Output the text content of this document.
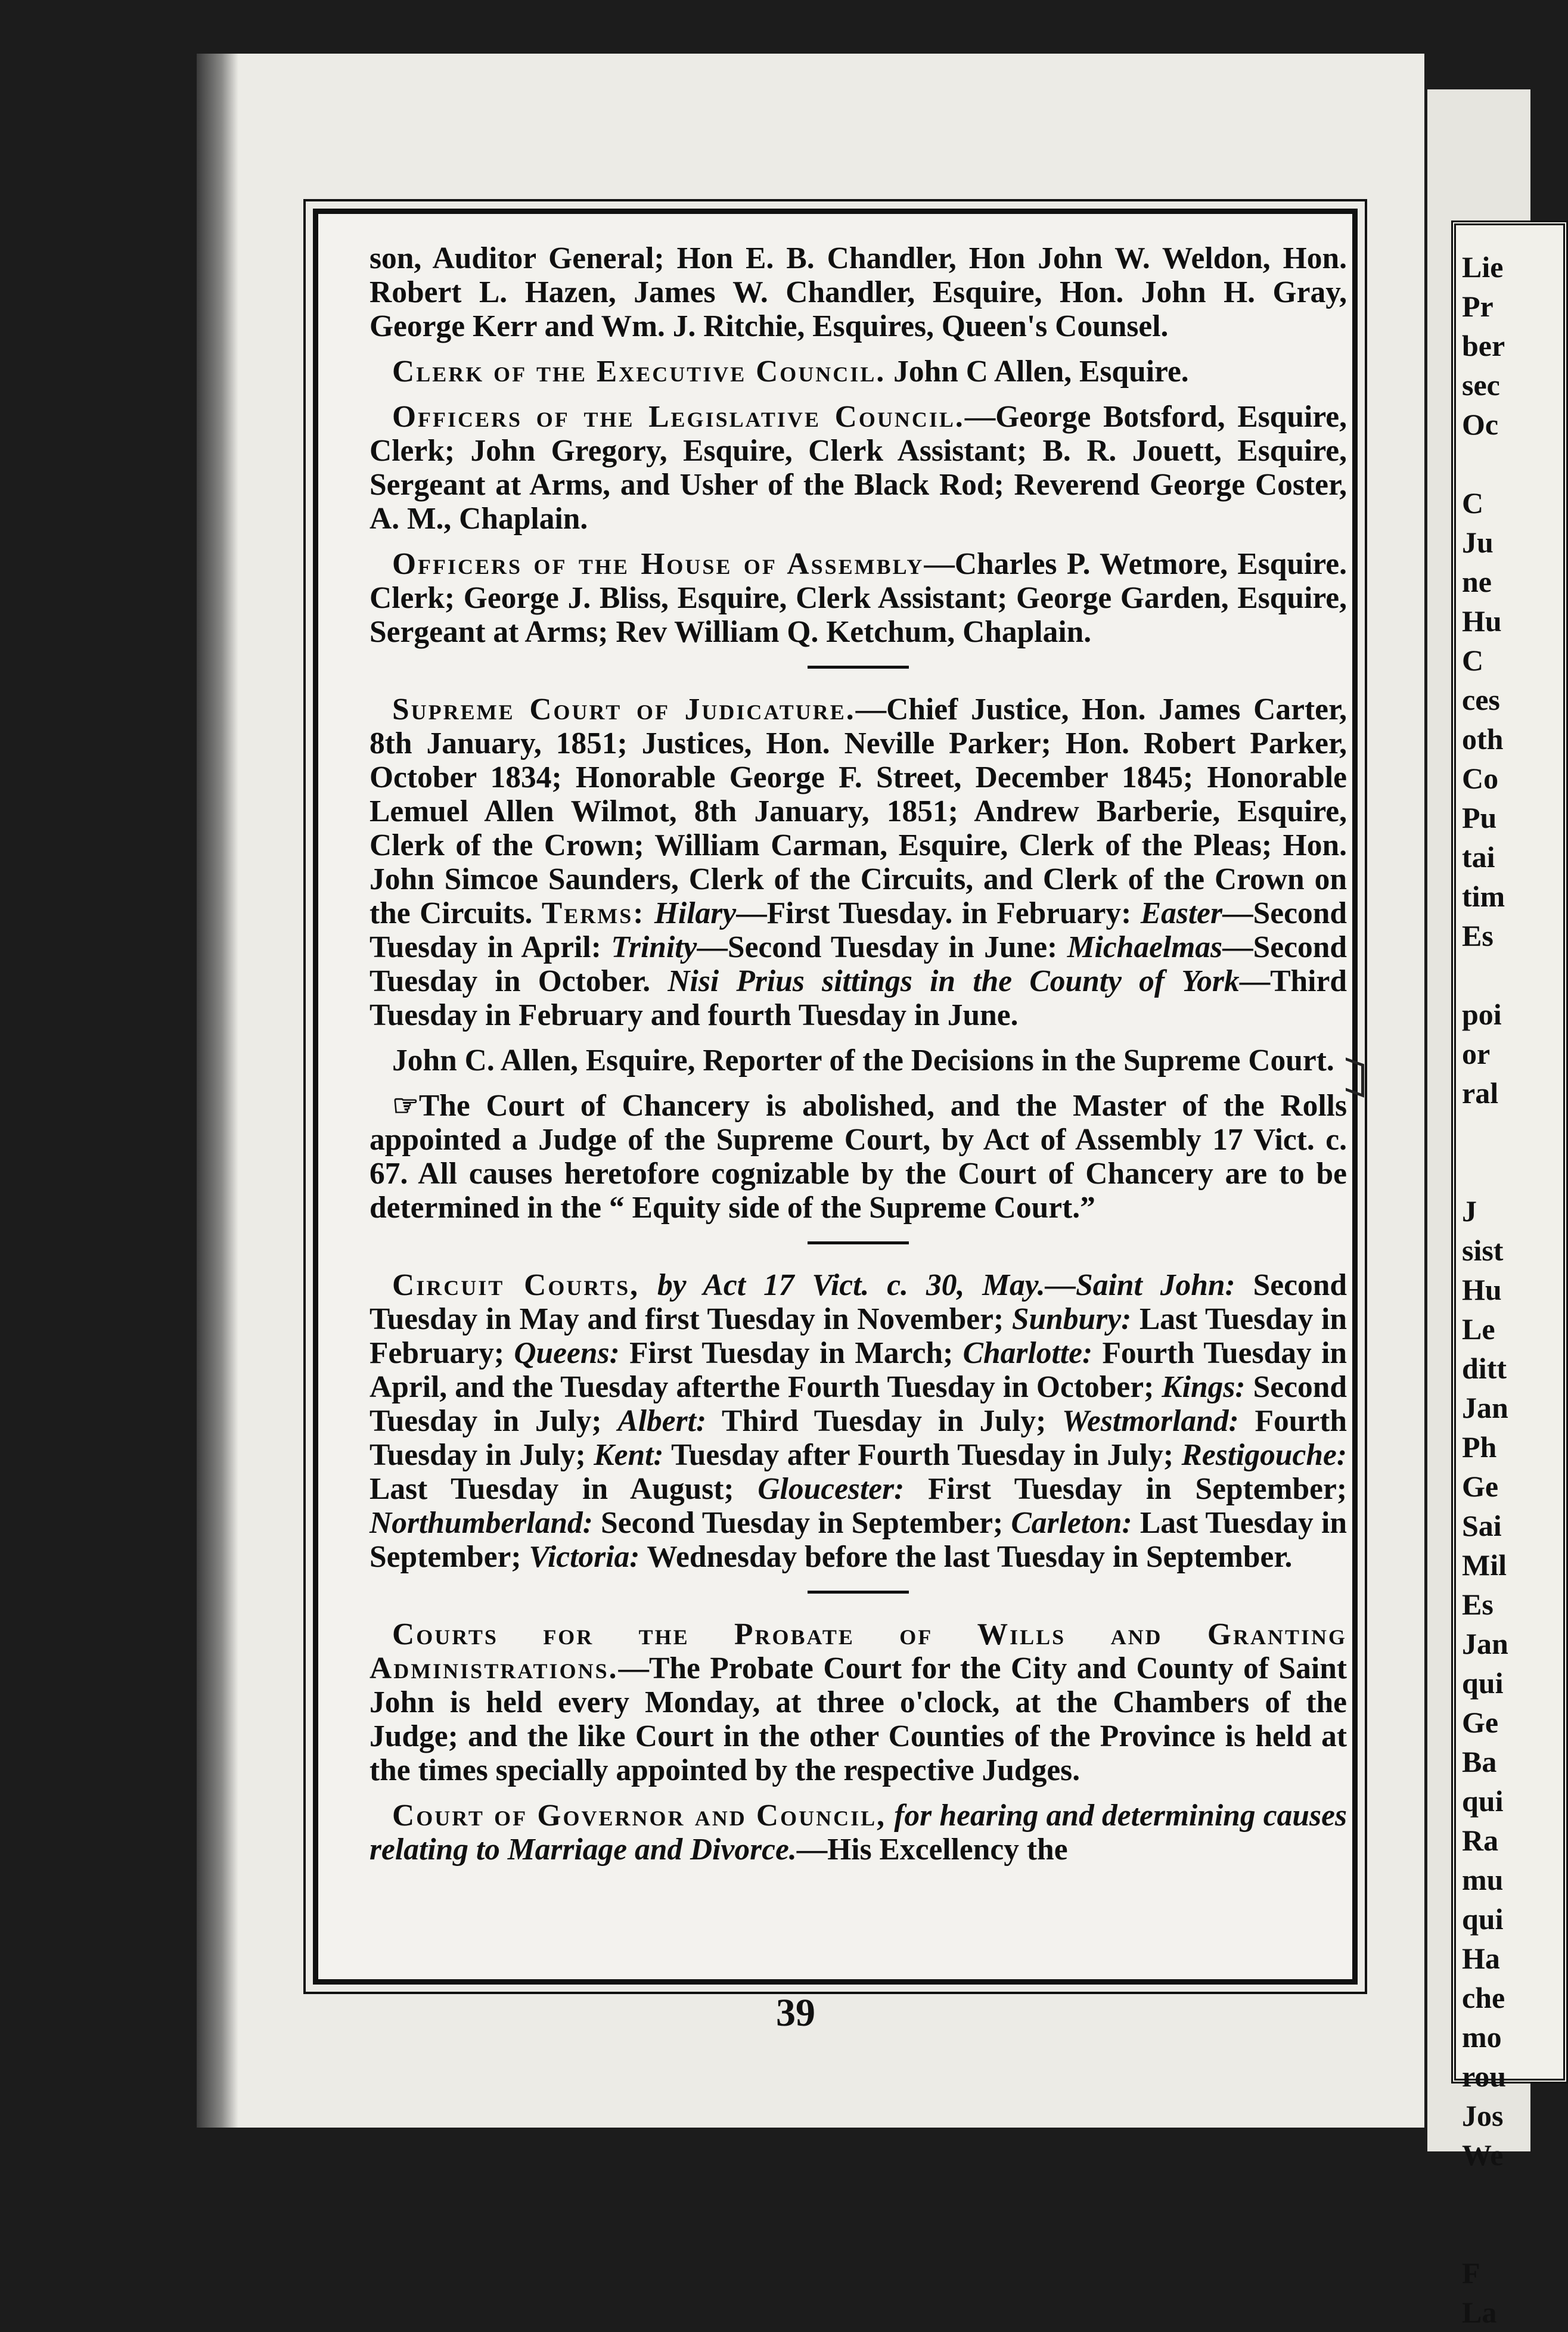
Lie
Pr
ber
sec
Oc

C
Ju
ne
Hu
C
ces
oth
Co
Pu
tai
tim
Es

poi
or
ral

J
sist
Hu
Le
ditt
Jan
Ph
Ge
Sai
Mil
Es
Jan
qui
Ge
Ba
qui
Ra
mu
qui
Ha
che
mo
rou
Jos
We

F
La

son, Auditor General; Hon E. B. Chandler, Hon John W. Weldon, Hon. Robert L. Hazen, James W. Chandler, Esquire, Hon. John H. Gray, George Kerr and Wm. J. Ritchie, Esquires, Queen's Counsel.

Clerk of the Executive Council. John C Allen, Esquire.

Officers of the Legislative Council.—George Botsford, Esquire, Clerk; John Gregory, Esquire, Clerk Assistant; B. R. Jouett, Esquire, Sergeant at Arms, and Usher of the Black Rod; Reverend George Coster, A. M., Chaplain.

Officers of the House of Assembly—Charles P. Wetmore, Esquire. Clerk; George J. Bliss, Esquire, Clerk Assistant; George Garden, Esquire, Sergeant at Arms; Rev William Q. Ketchum, Chaplain.

Supreme Court of Judicature.—Chief Justice, Hon. James Carter, 8th January, 1851; Justices, Hon. Neville Parker; Hon. Robert Parker, October 1834; Honorable George F. Street, December 1845; Honorable Lemuel Allen Wilmot, 8th January, 1851; Andrew Barberie, Esquire, Clerk of the Crown; William Carman, Esquire, Clerk of the Pleas; Hon. John Simcoe Saunders, Clerk of the Circuits, and Clerk of the Crown on the Circuits. Terms: Hilary—First Tuesday. in February: Easter—Second Tuesday in April: Trinity—Second Tuesday in June: Michaelmas—Second Tuesday in October. Nisi Prius sittings in the County of York—Third Tuesday in February and fourth Tuesday in June.

John C. Allen, Esquire, Reporter of the Decisions in the Supreme Court.

☞The Court of Chancery is abolished, and the Master of the Rolls appointed a Judge of the Supreme Court, by Act of Assembly 17 Vict. c. 67. All causes heretofore cognizable by the Court of Chancery are to be determined in the “ Equity side of the Supreme Court.”

Circuit Courts, by Act 17 Vict. c. 30, May.—Saint John: Second Tuesday in May and first Tuesday in November; Sunbury: Last Tuesday in February; Queens: First Tuesday in March; Charlotte: Fourth Tuesday in April, and the Tuesday afterthe Fourth Tuesday in October; Kings: Second Tuesday in July; Albert: Third Tuesday in July; Westmorland: Fourth Tuesday in July; Kent: Tuesday after Fourth Tuesday in July; Restigouche: Last Tuesday in August; Gloucester: First Tuesday in September; Northumberland: Second Tuesday in September; Carleton: Last Tuesday in September; Victoria: Wednesday before the last Tuesday in September.

Courts for the Probate of Wills and Granting Administrations.—The Probate Court for the City and County of Saint John is held every Monday, at three o'clock, at the Chambers of the Judge; and the like Court in the other Counties of the Province is held at the times specially appointed by the respective Judges.

Court of Governor and Council, for hearing and determining causes relating to Marriage and Divorce.—His Excellency the

39
